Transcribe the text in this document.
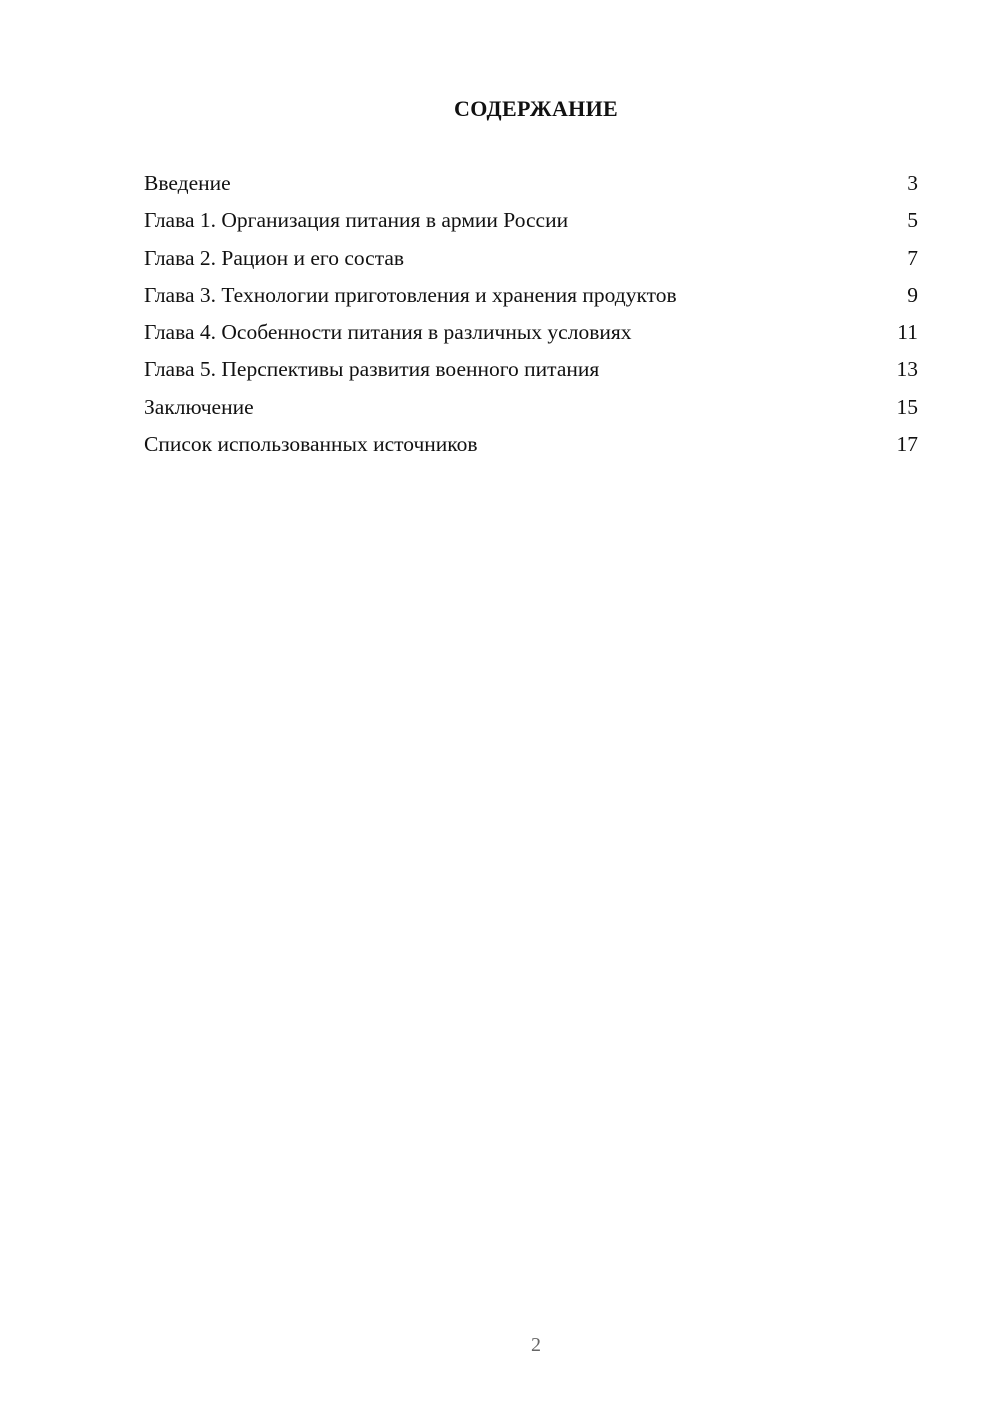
СОДЕРЖАНИЕ
Введение	3
Глава 1. Организация питания в армии России	5
Глава 2. Рацион и его состав	7
Глава 3. Технологии приготовления и хранения продуктов	9
Глава 4. Особенности питания в различных условиях	11
Глава 5. Перспективы развития военного питания	13
Заключение	15
Список использованных источников	17
2
